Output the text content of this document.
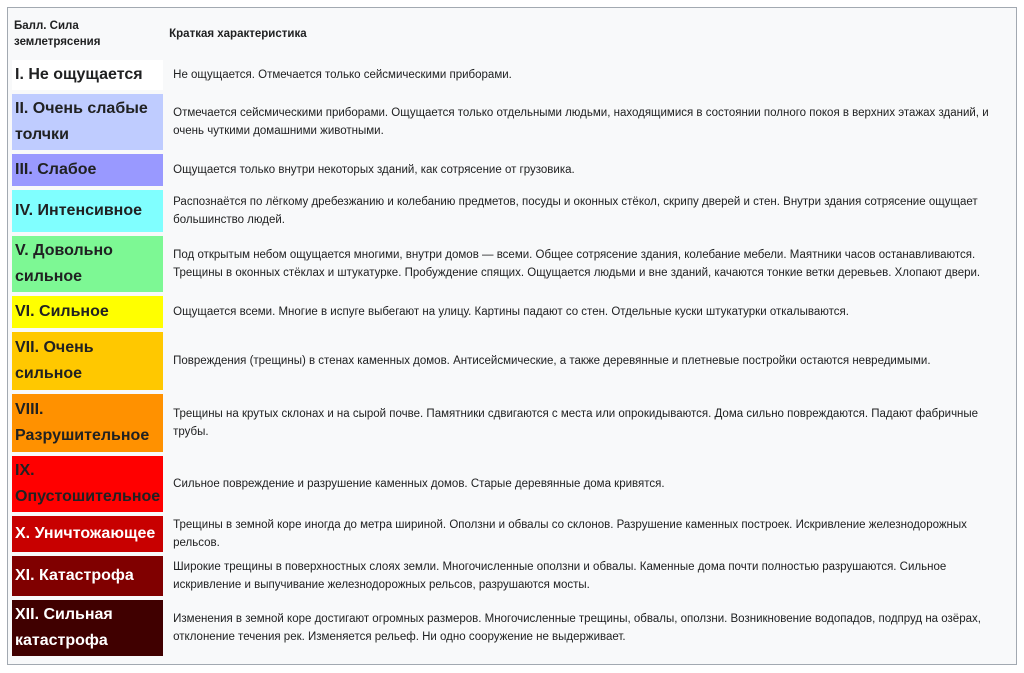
Балл. Сила землетрясения	Краткая характеристика
I. Не ощущается	Не ощущается. Отмечается только сейсмическими приборами.
II. Очень слабые толчки	Отмечается сейсмическими приборами. Ощущается только отдельными людьми, находящимися в состоянии полного покоя в верхних этажах зданий, и очень чуткими домашними животными.
III. Слабое	Ощущается только внутри некоторых зданий, как сотрясение от грузовика.
IV. Интенсивное	Распознаётся по лёгкому дребезжанию и колебанию предметов, посуды и оконных стёкол, скрипу дверей и стен. Внутри здания сотрясение ощущает большинство людей.
V. Довольно сильное	Под открытым небом ощущается многими, внутри домов — всеми. Общее сотрясение здания, колебание мебели. Маятники часов останавливаются. Трещины в оконных стёклах и штукатурке. Пробуждение спящих. Ощущается людьми и вне зданий, качаются тонкие ветки деревьев. Хлопают двери.
VI. Сильное	Ощущается всеми. Многие в испуге выбегают на улицу. Картины падают со стен. Отдельные куски штукатурки откалываются.
VII. Очень сильное	Повреждения (трещины) в стенах каменных домов. Антисейсмические, а также деревянные и плетневые постройки остаются невредимыми.
VIII. Разрушительное	Трещины на крутых склонах и на сырой почве. Памятники сдвигаются с места или опрокидываются. Дома сильно повреждаются. Падают фабричные трубы.
IX. Опустошительное	Сильное повреждение и разрушение каменных домов. Старые деревянные дома кривятся.
X. Уничтожающее	Трещины в земной коре иногда до метра шириной. Оползни и обвалы со склонов. Разрушение каменных построек. Искривление железнодорожных рельсов.
XI. Катастрофа	Широкие трещины в поверхностных слоях земли. Многочисленные оползни и обвалы. Каменные дома почти полностью разрушаются. Сильное искривление и выпучивание железнодорожных рельсов, разрушаются мосты.
XII. Сильная катастрофа	Изменения в земной коре достигают огромных размеров. Многочисленные трещины, обвалы, оползни. Возникновение водопадов, подпруд на озёрах, отклонение течения рек. Изменяется рельеф. Ни одно сооружение не выдерживает.
